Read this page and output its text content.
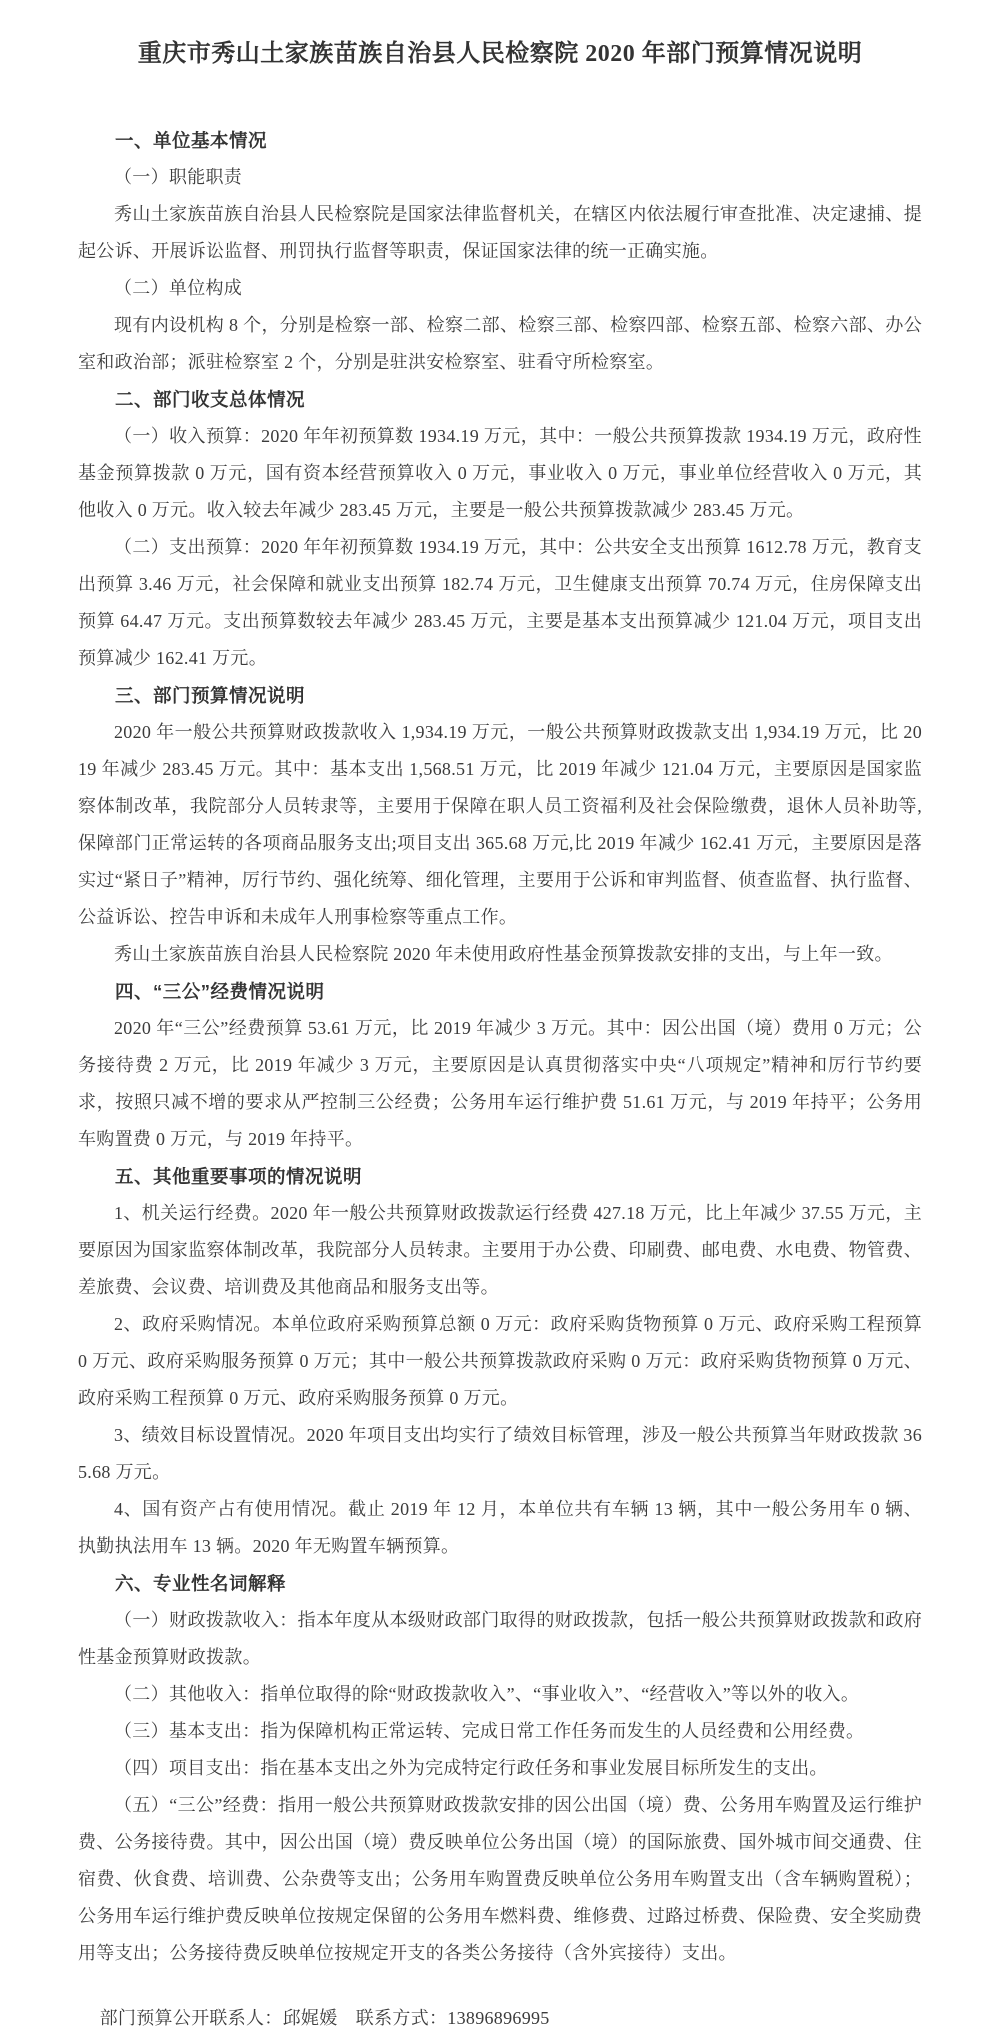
重庆市秀山土家族苗族自治县人民检察院 2020 年部门预算情况说明
一、单位基本情况

（一）职能职责

秀山土家族苗族自治县人民检察院是国家法律监督机关，在辖区内依法履行审查批准、决定逮捕、提起公诉、开展诉讼监督、刑罚执行监督等职责，保证国家法律的统一正确实施。

（二）单位构成

现有内设机构 8 个，分别是检察一部、检察二部、检察三部、检察四部、检察五部、检察六部、办公室和政治部；派驻检察室 2 个，分别是驻洪安检察室、驻看守所检察室。

二、部门收支总体情况

（一）收入预算：2020 年年初预算数 1934.19 万元，其中：一般公共预算拨款 1934.19 万元，政府性基金预算拨款 0 万元，国有资本经营预算收入 0 万元，事业收入 0 万元，事业单位经营收入 0 万元，其他收入 0 万元。收入较去年减少 283.45 万元，主要是一般公共预算拨款减少 283.45 万元。

（二）支出预算：2020 年年初预算数 1934.19 万元，其中：公共安全支出预算 1612.78 万元，教育支出预算 3.46 万元，社会保障和就业支出预算 182.74 万元，卫生健康支出预算 70.74 万元，住房保障支出预算 64.47 万元。支出预算数较去年减少 283.45 万元，主要是基本支出预算减少 121.04 万元，项目支出预算减少 162.41 万元。

三、部门预算情况说明

2020 年一般公共预算财政拨款收入 1,934.19 万元，一般公共预算财政拨款支出 1,934.19 万元，比 2019 年减少 283.45 万元。其中：基本支出 1,568.51 万元，比 2019 年减少 121.04 万元，主要原因是国家监察体制改革，我院部分人员转隶等，主要用于保障在职人员工资福利及社会保险缴费，退休人员补助等,保障部门正常运转的各项商品服务支出;项目支出 365.68 万元,比 2019 年减少 162.41 万元，主要原因是落实过“紧日子”精神，厉行节约、强化统筹、细化管理，主要用于公诉和审判监督、侦查监督、执行监督、公益诉讼、控告申诉和未成年人刑事检察等重点工作。

秀山土家族苗族自治县人民检察院 2020 年未使用政府性基金预算拨款安排的支出，与上年一致。

四、“三公”经费情况说明

2020 年“三公”经费预算 53.61 万元，比 2019 年减少 3 万元。其中：因公出国（境）费用 0 万元；公务接待费 2 万元，比 2019 年减少 3 万元，主要原因是认真贯彻落实中央“八项规定”精神和厉行节约要求，按照只减不增的要求从严控制三公经费；公务用车运行维护费 51.61 万元，与 2019 年持平；公务用车购置费 0 万元，与 2019 年持平。

五、其他重要事项的情况说明

1、机关运行经费。2020 年一般公共预算财政拨款运行经费 427.18 万元，比上年减少 37.55 万元，主要原因为国家监察体制改革，我院部分人员转隶。主要用于办公费、印刷费、邮电费、水电费、物管费、差旅费、会议费、培训费及其他商品和服务支出等。

2、政府采购情况。本单位政府采购预算总额 0 万元：政府采购货物预算 0 万元、政府采购工程预算 0 万元、政府采购服务预算 0 万元；其中一般公共预算拨款政府采购 0 万元：政府采购货物预算 0 万元、政府采购工程预算 0 万元、政府采购服务预算 0 万元。

3、绩效目标设置情况。2020 年项目支出均实行了绩效目标管理，涉及一般公共预算当年财政拨款 365.68 万元。

4、国有资产占有使用情况。截止 2019 年 12 月，本单位共有车辆 13 辆，其中一般公务用车 0 辆、执勤执法用车 13 辆。2020 年无购置车辆预算。

六、专业性名词解释

（一）财政拨款收入：指本年度从本级财政部门取得的财政拨款，包括一般公共预算财政拨款和政府性基金预算财政拨款。

（二）其他收入：指单位取得的除“财政拨款收入”、“事业收入”、“经营收入”等以外的收入。

（三）基本支出：指为保障机构正常运转、完成日常工作任务而发生的人员经费和公用经费。

（四）项目支出：指在基本支出之外为完成特定行政任务和事业发展目标所发生的支出。

（五）“三公”经费：指用一般公共预算财政拨款安排的因公出国（境）费、公务用车购置及运行维护费、公务接待费。其中，因公出国（境）费反映单位公务出国（境）的国际旅费、国外城市间交通费、住宿费、伙食费、培训费、公杂费等支出；公务用车购置费反映单位公务用车购置支出（含车辆购置税）；公务用车运行维护费反映单位按规定保留的公务用车燃料费、维修费、过路过桥费、保险费、安全奖励费用等支出；公务接待费反映单位按规定开支的各类公务接待（含外宾接待）支出。

部门预算公开联系人：邱娓媛　联系方式：13896896995
